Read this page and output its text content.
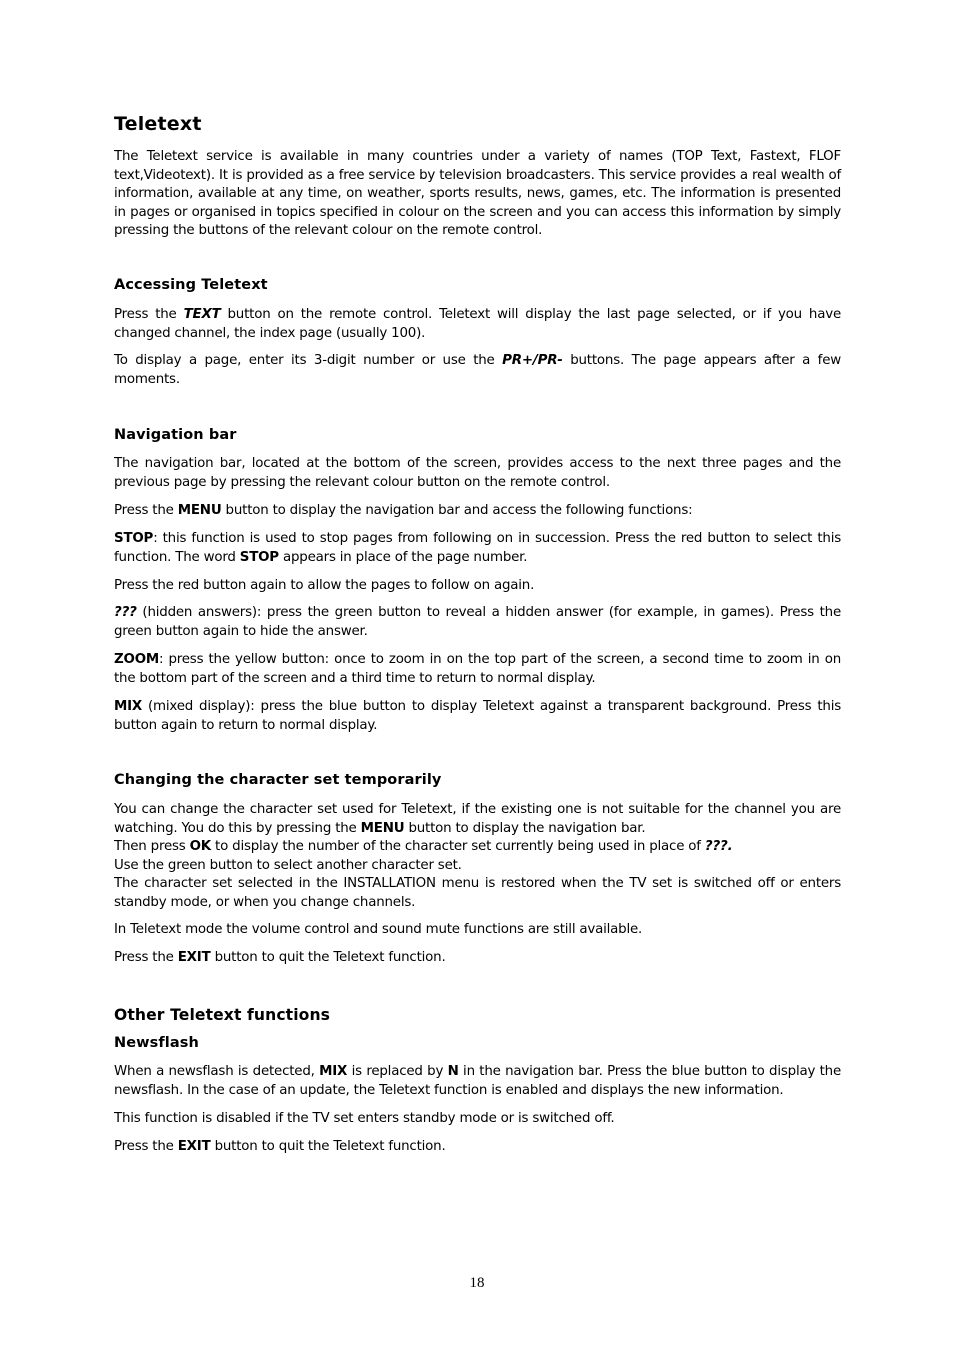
Teletext

The Teletext service is available in many countries under a variety of names (TOP Text, Fastext, FLOF text,Videotext). It is provided as a free service by television broadcasters. This service provides a real wealth of information, available at any time, on weather, sports results, news, games, etc. The information is presented in pages or organised in topics specified in colour on the screen and you can access this information by simply pressing the buttons of the relevant colour on the remote control.

Accessing Teletext

Press the TEXT button on the remote control. Teletext will display the last page selected, or if you have changed channel, the index page (usually 100).

To display a page, enter its 3-digit number or use the PR+/PR- buttons. The page appears after a few moments.

Navigation bar

The navigation bar, located at the bottom of the screen, provides access to the next three pages and the previous page by pressing the relevant colour button on the remote control.

Press the MENU button to display the navigation bar and access the following functions:

STOP: this function is used to stop pages from following on in succession. Press the red button to select this function. The word STOP appears in place of the page number.

Press the red button again to allow the pages to follow on again.

??? (hidden answers): press the green button to reveal a hidden answer (for example, in games). Press the green button again to hide the answer.

ZOOM: press the yellow button: once to zoom in on the top part of the screen, a second time to zoom in on the bottom part of the screen and a third time to return to normal display.

MIX (mixed display): press the blue button to display Teletext against a transparent background. Press this button again to return to normal display.

Changing the character set temporarily

You can change the character set used for Teletext, if the existing one is not suitable for the channel you are watching. You do this by pressing the MENU button to display the navigation bar.
Then press OK to display the number of the character set currently being used in place of ???.
Use the green button to select another character set.
The character set selected in the INSTALLATION menu is restored when the TV set is switched off or enters standby mode, or when you change channels.

In Teletext mode the volume control and sound mute functions are still available.

Press the EXIT button to quit the Teletext function.

Other Teletext functions
Newsflash

When a newsflash is detected, MIX is replaced by N in the navigation bar. Press the blue button to display the newsflash. In the case of an update, the Teletext function is enabled and displays the new information.

This function is disabled if the TV set enters standby mode or is switched off.

Press the EXIT button to quit the Teletext function.

18
